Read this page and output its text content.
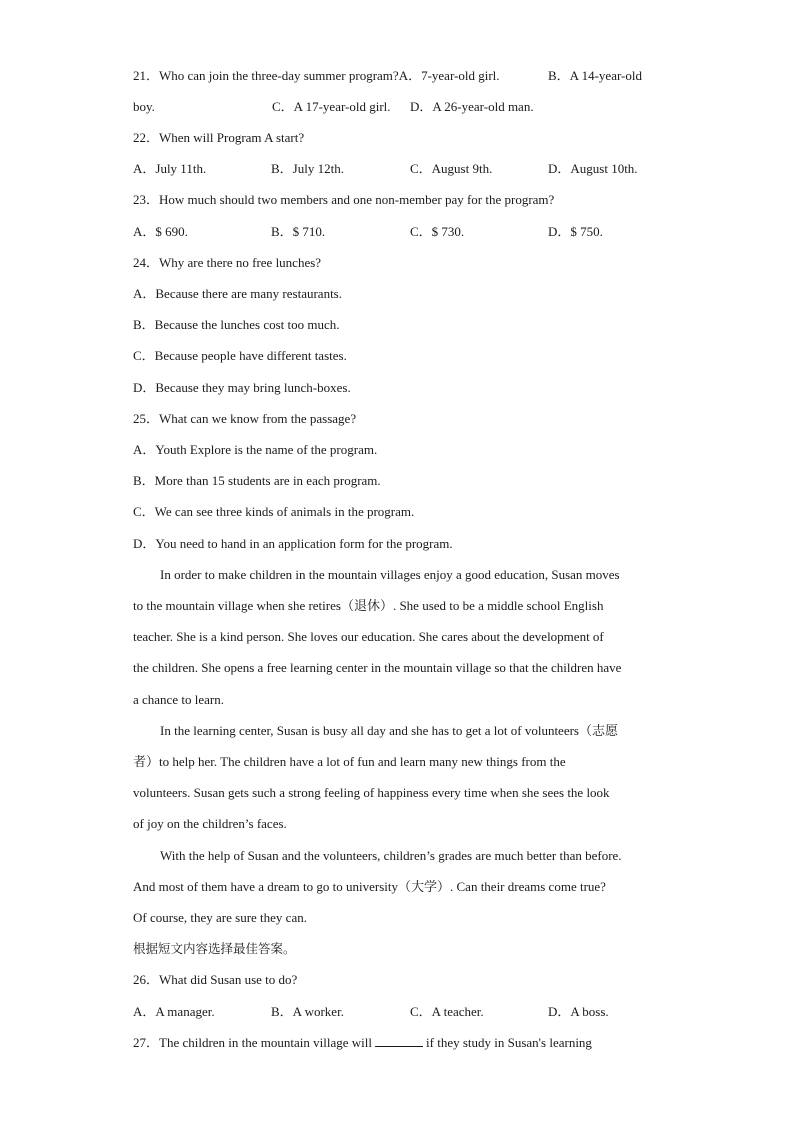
21．Who can join the three-day summer program?A．7-year-old girl.	B．A 14-year-old
boy.	C．A 17-year-old girl. D．A 26-year-old man.
22．When will Program A start?
A．July 11th.	B．July 12th.	C．August 9th.	D．August 10th.
23．How much should two members and one non-member pay for the program?
A．$ 690.	B．$ 710.	C．$ 730.	D．$ 750.
24．Why are there no free lunches?
A．Because there are many restaurants.
B．Because the lunches cost too much.
C．Because people have different tastes.
D．Because they may bring lunch-boxes.
25．What can we know from the passage?
A．Youth Explore is the name of the program.
B．More than 15 students are in each program.
C．We can see three kinds of animals in the program.
D．You need to hand in an application form for the program.
In order to make children in the mountain villages enjoy a good education, Susan moves
to the mountain village when she retires（退休）. She used to be a middle school English
teacher. She is a kind person. She loves our education. She cares about the development of
the children. She opens a free learning center in the mountain village so that the children have
a chance to learn.
In the learning center, Susan is busy all day and she has to get a lot of volunteers（志愿
者）to help her. The children have a lot of fun and learn many new things from the
volunteers. Susan gets such a strong feeling of happiness every time when she sees the look
of joy on the children’s faces.
With the help of Susan and the volunteers, children’s grades are much better than before.
And most of them have a dream to go to university（大学）. Can their dreams come true?
Of course, they are sure they can.
根据短文内容选择最佳答案。
26．What did Susan use to do?
A．A manager.	B．A worker.	C．A teacher.	D．A boss.
27．The children in the mountain village will	if they study in Susan's learning
